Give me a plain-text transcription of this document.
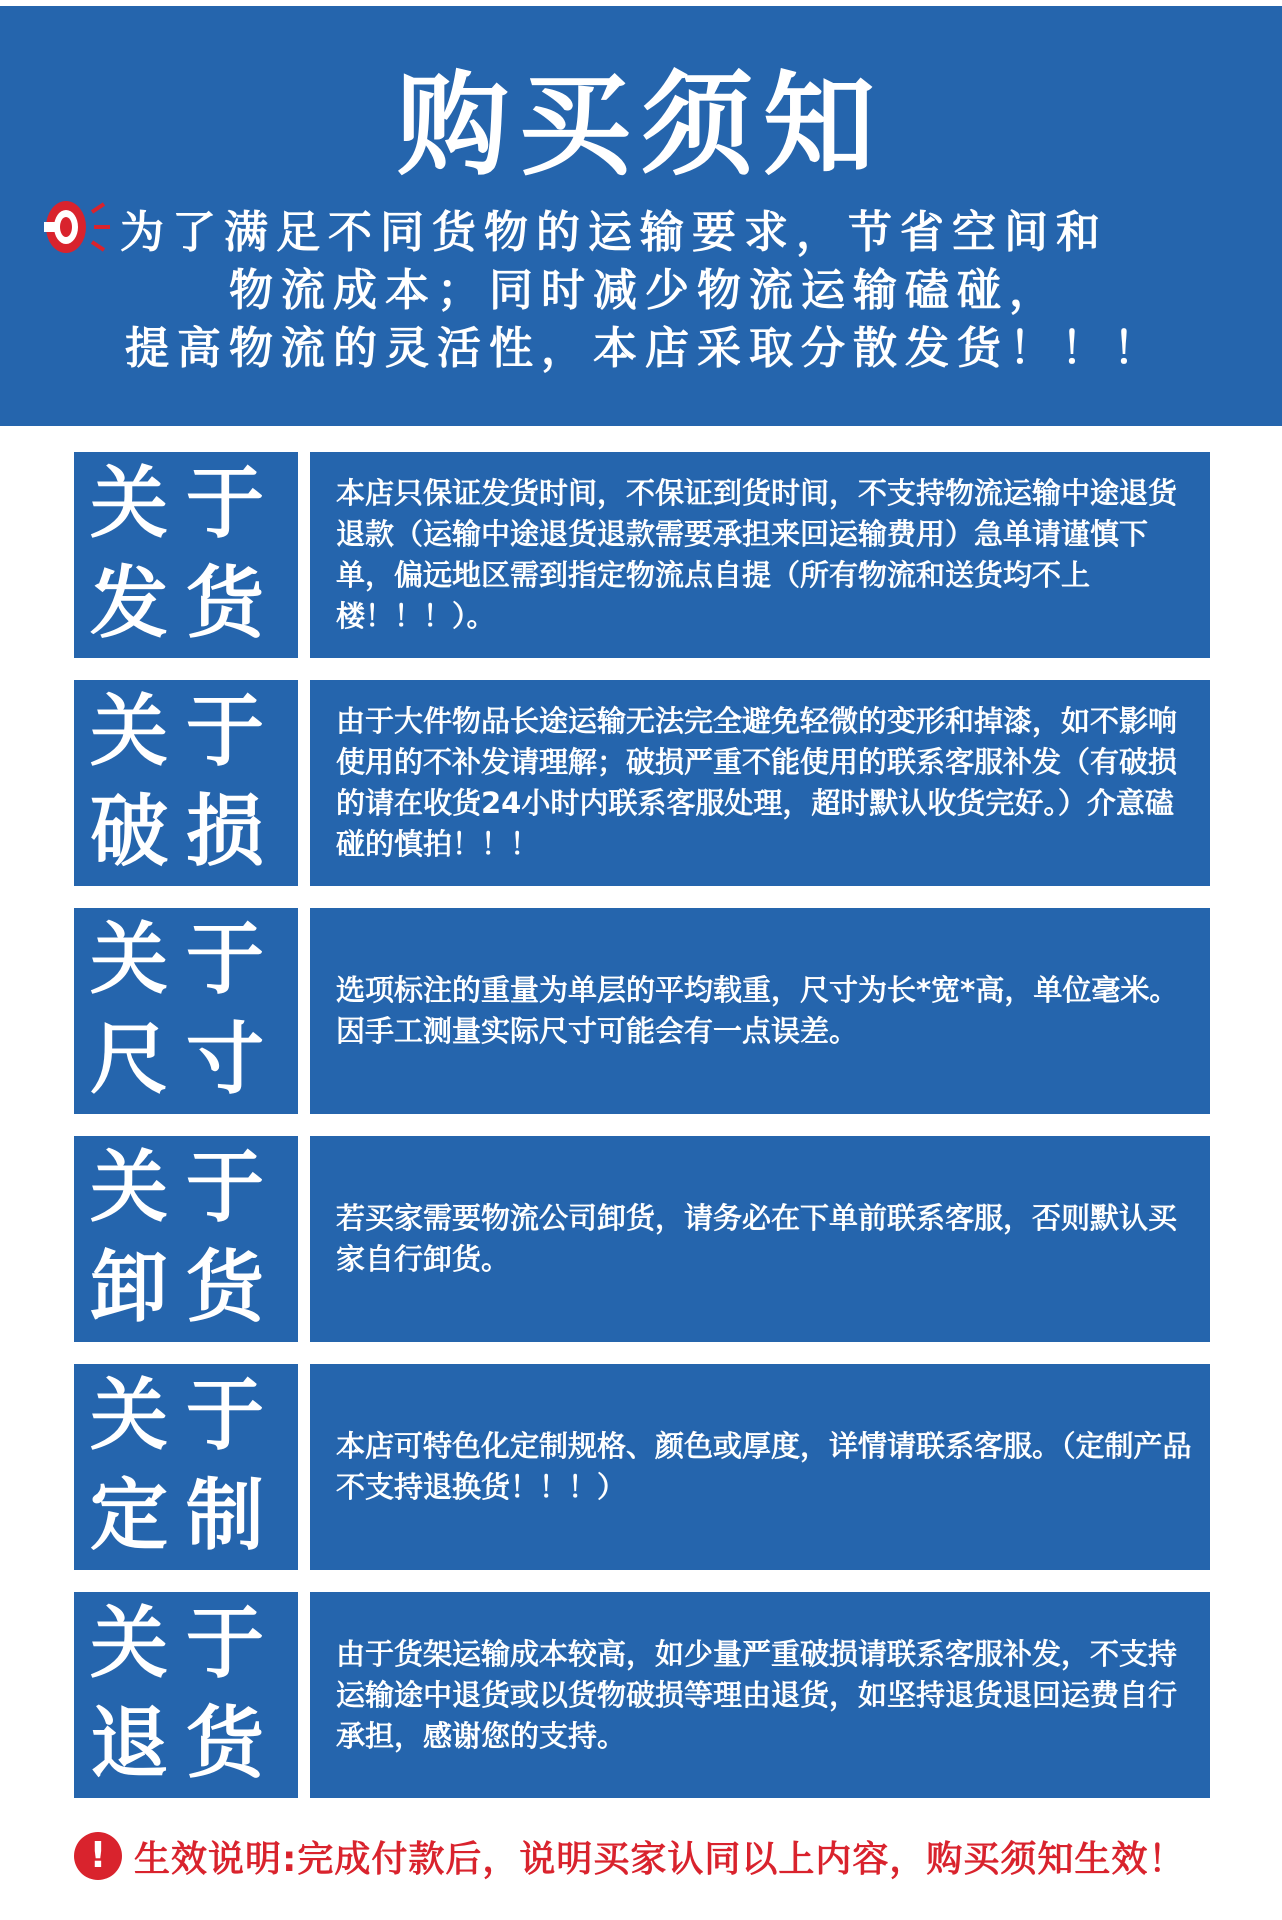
购买须知
为了满足不同货物的运输要求，节省空间和
物流成本；同时减少物流运输磕碰，
提高物流的灵活性，本店采取分散发货！！！
关于
发货
本店只保证发货时间，不保证到货时间，不支持物流运输中途退货退款（运输中途退货退款需要承担来回运输费用）急单请谨慎下单，偏远地区需到指定物流点自提（所有物流和送货均不上楼！！！）。
关于
破损
由于大件物品长途运输无法完全避免轻微的变形和掉漆，如不影响使用的不补发请理解；破损严重不能使用的联系客服补发（有破损的请在收货24小时内联系客服处理，超时默认收货完好。）介意磕碰的慎拍！！！
关于
尺寸
选项标注的重量为单层的平均载重，尺寸为长*宽*高，单位毫米。因手工测量实际尺寸可能会有一点误差。
关于
卸货
若买家需要物流公司卸货，请务必在下单前联系客服，否则默认买家自行卸货。
关于
定制
本店可特色化定制规格、颜色或厚度，详情请联系客服。（定制产品不支持退换货！！！）
关于
退货
由于货架运输成本较高，如少量严重破损请联系客服补发，不支持运输途中退货或以货物破损等理由退货，如坚持退货退回运费自行承担，感谢您的支持。
! 生效说明:完成付款后，说明买家认同以上内容，购买须知生效！
